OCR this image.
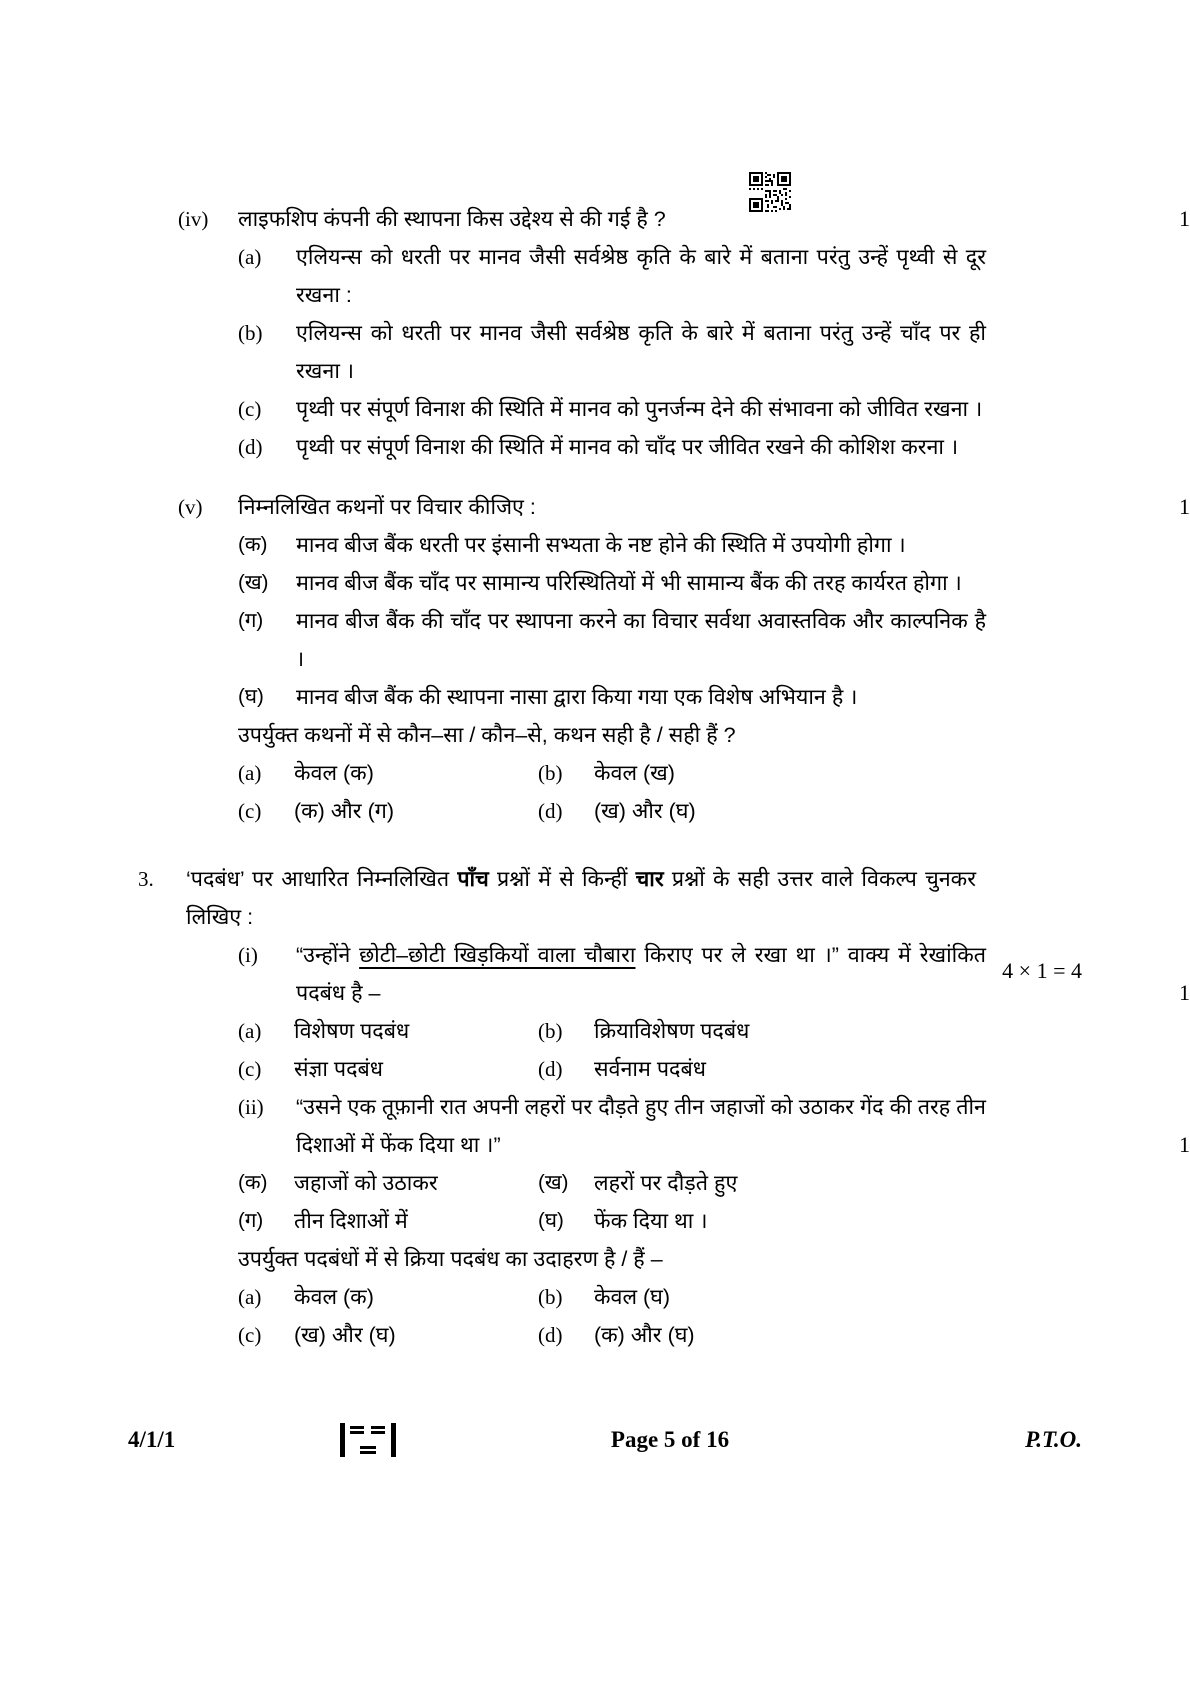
(iv)	लाइफशिप कंपनी की स्थापना किस उद्देश्य से की गई है ?	1
(a)	एलियन्स को धरती पर मानव जैसी सर्वश्रेष्ठ कृति के बारे में बताना परंतु उन्हें पृथ्वी से दूर रखना :
(b)	एलियन्स को धरती पर मानव जैसी सर्वश्रेष्ठ कृति के बारे में बताना परंतु उन्हें चाँद पर ही रखना ।
(c)	पृथ्वी पर संपूर्ण विनाश की स्थिति में मानव को पुनर्जन्म देने की संभावना को जीवित रखना ।
(d)	पृथ्वी पर संपूर्ण विनाश की स्थिति में मानव को चाँद पर जीवित रखने की कोशिश करना ।
(v)	निम्नलिखित कथनों पर विचार कीजिए :	1
(क)	मानव बीज बैंक धरती पर इंसानी सभ्यता के नष्ट होने की स्थिति में उपयोगी होगा ।
(ख)	मानव बीज बैंक चाँद पर सामान्य परिस्थितियों में भी सामान्य बैंक की तरह कार्यरत होगा ।
(ग)	मानव बीज बैंक की चाँद पर स्थापना करने का विचार सर्वथा अवास्तविक और काल्पनिक है ।
(घ)	मानव बीज बैंक की स्थापना नासा द्वारा किया गया एक विशेष अभियान है ।
उपर्युक्त कथनों में से कौन–सा / कौन–से, कथन सही है / सही हैं ?
(a)	केवल (क)	(b)	केवल (ख)
(c)	(क) और (ग)	(d)	(ख) और (घ)
3.	‘पदबंध’ पर आधारित निम्नलिखित पाँच प्रश्नों में से किन्हीं चार प्रश्नों के सही उत्तर वाले विकल्प चुनकर लिखिए :
4 × 1 = 4
(i)	“उन्होंने छोटी–छोटी खिड़कियों वाला चौबारा किराए पर ले रखा था ।” वाक्य में रेखांकित पदबंध है –	1
(a)	विशेषण पदबंध	(b)	क्रियाविशेषण पदबंध
(c)	संज्ञा पदबंध	(d)	सर्वनाम पदबंध
(ii)	“उसने एक तूफ़ानी रात अपनी लहरों पर दौड़ते हुए तीन जहाजों को उठाकर गेंद की तरह तीन दिशाओं में फेंक दिया था ।”	1
(क)	जहाजों को उठाकर	(ख)	लहरों पर दौड़ते हुए
(ग)	तीन दिशाओं में	(घ)	फेंक दिया था ।
उपर्युक्त पदबंधों में से क्रिया पदबंध का उदाहरण है / हैं –
(a)	केवल (क)	(b)	केवल (घ)
(c)	(ख) और (घ)	(d)	(क) और (घ)
4/1/1	Page 5 of 16	P.T.O.
